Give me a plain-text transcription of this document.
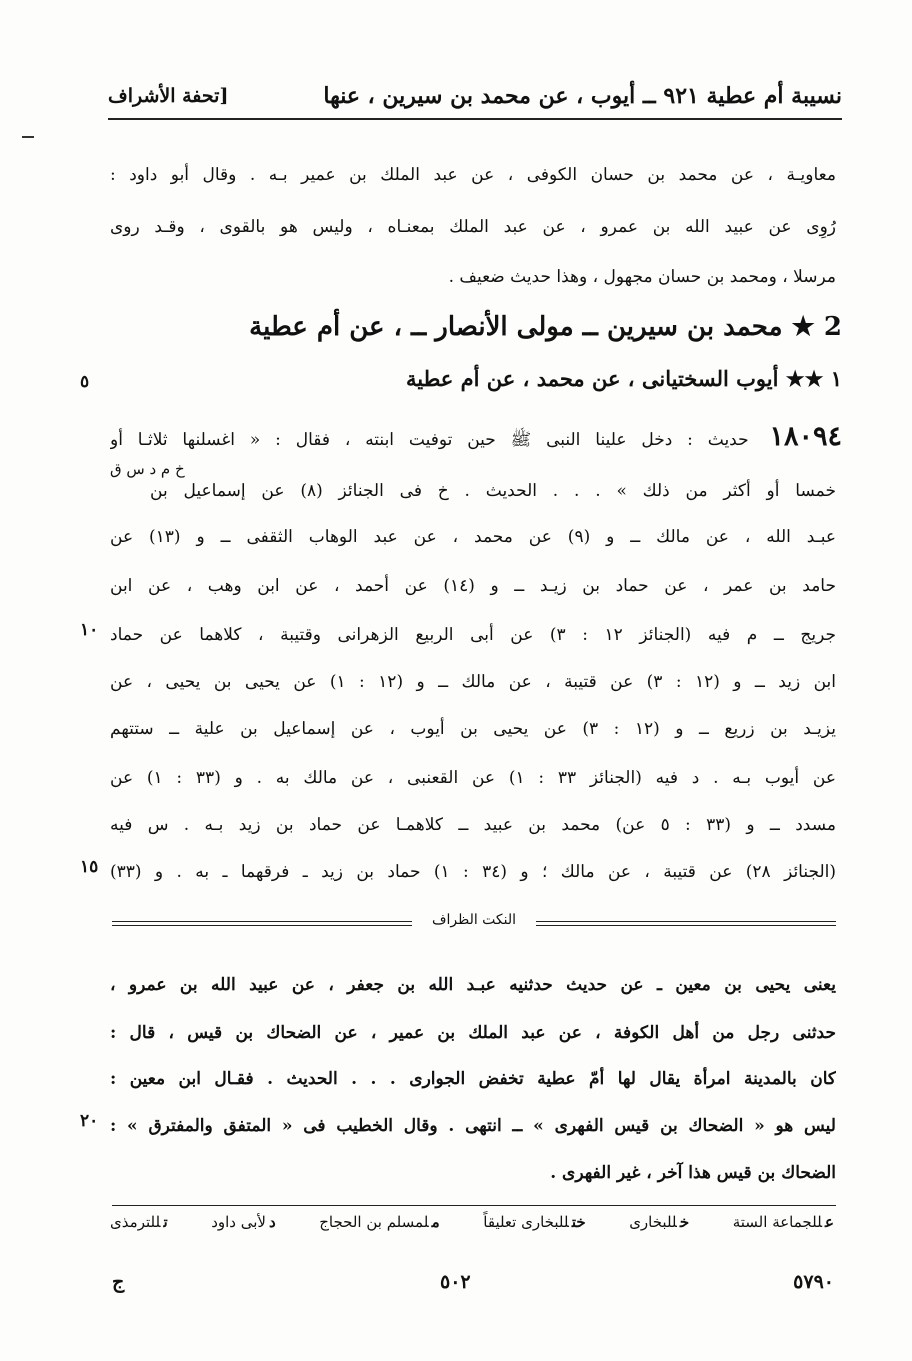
نسيبة أم عطية ٩٢١ ــ أيوب ، عن محمد بن سيرين ، عنها
[تحفة الأشراف
معاويـة ، عن محمد بن حسان الكوفى ، عن عبد الملك بن عمير بـه . وقال أبو داود :
رُوِى عن عبيد الله بن عمرو ، عن عبد الملك بمعنـاه ، وليس هو بالقوى ، وقـد روى
مرسلا ، ومحمد بن حسان مجهول ، وهذا حديث ضعيف .
2 ★ محمد بن سيرين ــ مولى الأنصار ــ ، عن أم عطية
١ ★★ أيوب السختيانى ، عن محمد ، عن أم عطية
٥
١٨٠٩٤ حديث : دخل علينا النبى ﷺ حين توفيت ابنته ، فقال : « اغسلنها ثلاثـا أو
خ م د س ق
خمسا أو أكثر من ذلك » . . . الحديث . خ فى الجنائز (٨) عن إسماعيل بن
عبـد الله ، عن مالك ــ و (٩) عن محمد ، عن عبد الوهاب الثقفى ــ و (١٣) عن
حامد بن عمر ، عن حماد بن زيـد ــ و (١٤) عن أحمد ، عن ابن وهب ، عن ابن
جريج ــ م فيه (الجنائز ١٢ : ٣) عن أبى الربيع الزهرانى وقتيبة ، كلاهما عن حماد
١٠
ابن زيد ــ و (١٢ : ٣) عن قتيبة ، عن مالك ــ و (١٢ : ١) عن يحيى بن يحيى ، عن
يزيـد بن زريع ــ و (١٢ : ٣) عن يحيى بن أيوب ، عن إسماعيل بن علية ــ ستتهم
عن أيوب بـه . د فيه (الجنائز ٣٣ : ١) عن القعنبى ، عن مالك به . و (٣٣ : ١) عن
مسدد ــ و (٣٣ : ٥ عن) محمد بن عبيد ــ كلاهمـا عن حماد بن زيد بـه . س فيه
(الجنائز ٢٨) عن قتيبة ، عن مالك ؛ و (٣٤ : ١) حماد بن زيد ـ فرقهما ـ به . و (٣٣)
١٥
النكت الظراف
يعنى يحيى بن معين ـ عن حديث حدثنيه عبـد الله بن جعفر ، عن عبيد الله بن عمرو ،
حدثنى رجل من أهل الكوفة ، عن عبد الملك بن عمير ، عن الضحاك بن قيس ، قال :
كان بالمدينة امرأة يقال لها أمّ عطية تخفض الجوارى . . . الحديث . فقـال ابن معين :
ليس هو « الضحاك بن قيس الفهرى » ــ انتهى . وقال الخطيب فى « المتفق والمفترق » :
٢٠
الضحاك بن قيس هذا آخر ، غير الفهرى .
عللجماعة الستة
خللبخارى
ختللبخارى تعليقاً
ملمسلم بن الحجاج
دلأبى داود
تللترمذى
ج	٥٠٢	٥٧٩٠
